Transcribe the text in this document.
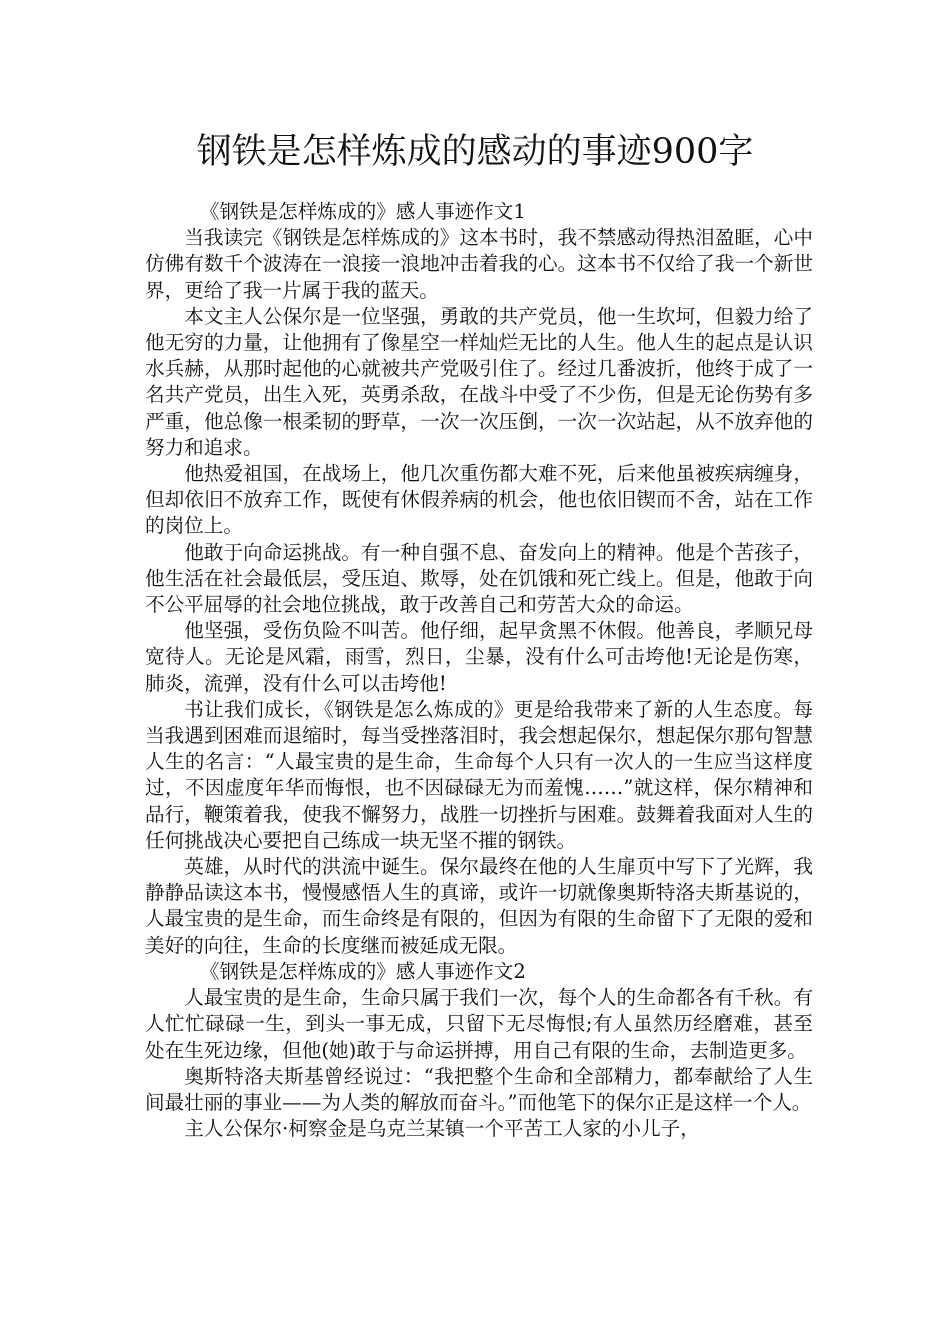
钢铁是怎样炼成的感动的事迹900字

《钢铁是怎样炼成的》感人事迹作文1

当我读完《钢铁是怎样炼成的》这本书时，我不禁感动得热泪盈眶，心中仿佛有数千个波涛在一浪接一浪地冲击着我的心。这本书不仅给了我一个新世界，更给了我一片属于我的蓝天。

本文主人公保尔是一位坚强，勇敢的共产党员，他一生坎坷，但毅力给了他无穷的力量，让他拥有了像星空一样灿烂无比的人生。他人生的起点是认识水兵赫，从那时起他的心就被共产党吸引住了。经过几番波折，他终于成了一名共产党员，出生入死，英勇杀敌，在战斗中受了不少伤，但是无论伤势有多严重，他总像一根柔韧的野草，一次一次压倒，一次一次站起，从不放弃他的努力和追求。

他热爱祖国，在战场上，他几次重伤都大难不死，后来他虽被疾病缠身，但却依旧不放弃工作，既使有休假养病的机会，他也依旧锲而不舍，站在工作的岗位上。

他敢于向命运挑战。有一种自强不息、奋发向上的精神。他是个苦孩子，他生活在社会最低层，受压迫、欺辱，处在饥饿和死亡线上。但是，他敢于向不公平屈辱的社会地位挑战，敢于改善自己和劳苦大众的命运。

他坚强，受伤负险不叫苦。他仔细，起早贪黑不休假。他善良，孝顺兄母宽待人。无论是风霜，雨雪，烈日，尘暴，没有什么可击垮他!无论是伤寒，肺炎，流弹，没有什么可以击垮他!

书让我们成长，《钢铁是怎么炼成的》更是给我带来了新的人生态度。每当我遇到困难而退缩时，每当受挫落泪时，我会想起保尔，想起保尔那句智慧人生的名言：“人最宝贵的是生命，生命每个人只有一次人的一生应当这样度过，不因虚度年华而悔恨，也不因碌碌无为而羞愧……”就这样，保尔精神和品行，鞭策着我，使我不懈努力，战胜一切挫折与困难。鼓舞着我面对人生的任何挑战决心要把自己练成一块无坚不摧的钢铁。

英雄，从时代的洪流中诞生。保尔最终在他的人生扉页中写下了光辉，我静静品读这本书，慢慢感悟人生的真谛，或许一切就像奥斯特洛夫斯基说的，人最宝贵的是生命，而生命终是有限的，但因为有限的生命留下了无限的爱和美好的向往，生命的长度继而被延成无限。

《钢铁是怎样炼成的》感人事迹作文2

人最宝贵的是生命，生命只属于我们一次，每个人的生命都各有千秋。有人忙忙碌碌一生，到头一事无成，只留下无尽悔恨;有人虽然历经磨难，甚至处在生死边缘，但他(她)敢于与命运拼搏，用自己有限的生命，去制造更多。

奥斯特洛夫斯基曾经说过：“我把整个生命和全部精力，都奉献给了人生间最壮丽的事业——为人类的解放而奋斗。”而他笔下的保尔正是这样一个人。

主人公保尔·柯察金是乌克兰某镇一个平苦工人家的小儿子，
